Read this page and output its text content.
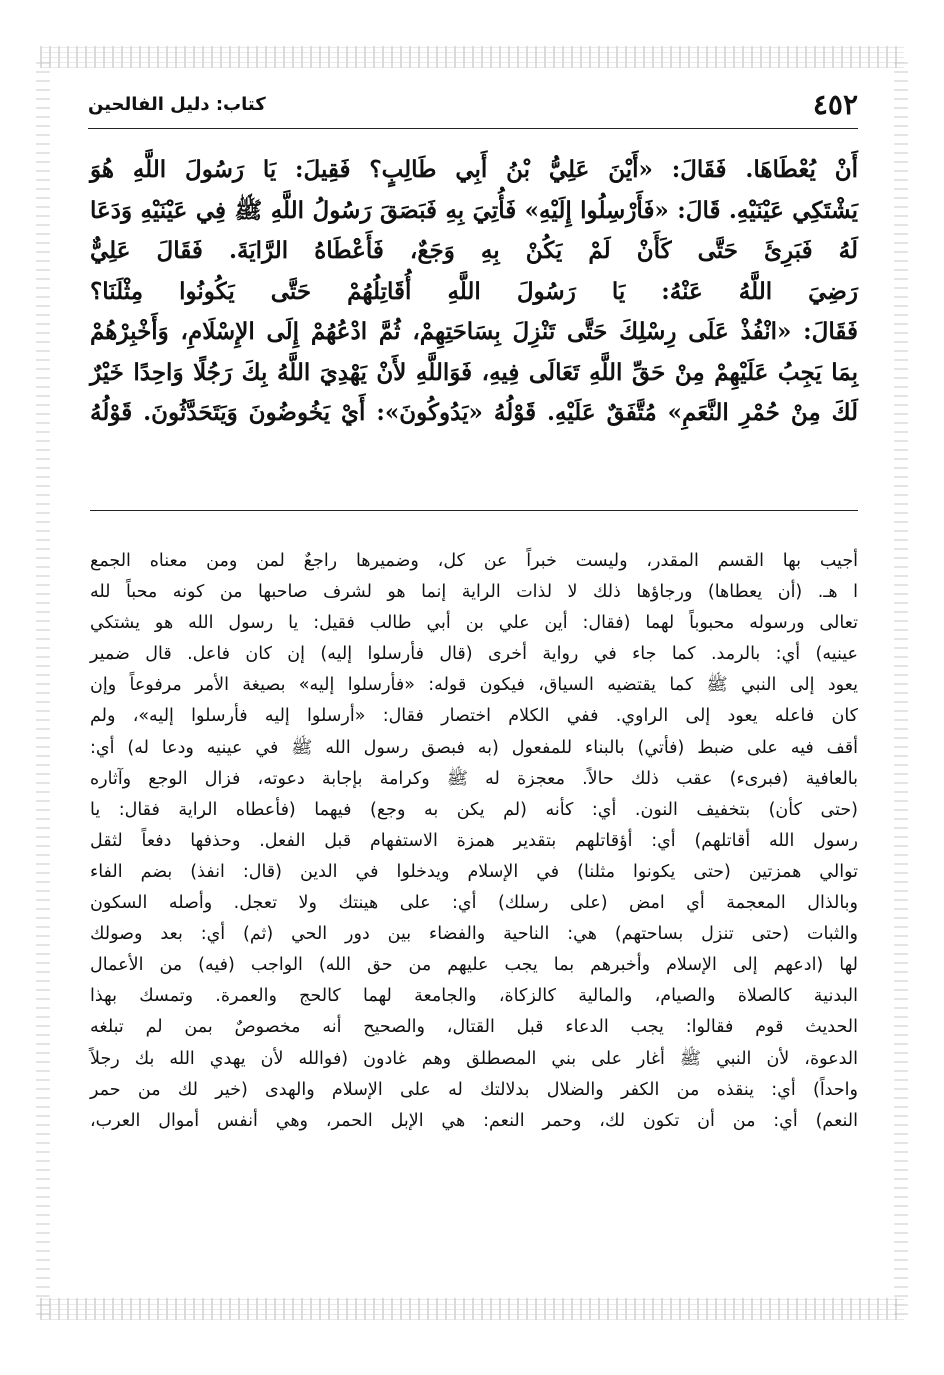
٤٥٢
كتاب: دليل الفالحين

أَنْ يُعْطَاهَا. فَقَالَ: «أَيْنَ عَلِيُّ بْنُ أَبِي طَالِبٍ؟ فَقِيلَ: يَا رَسُولَ اللَّهِ هُوَ

يَشْتَكِي عَيْنَيْهِ. قَالَ: «فَأَرْسِلُوا إِلَيْهِ» فَأُتِيَ بِهِ فَبَصَقَ رَسُولُ اللَّهِ ﷺ فِي عَيْنَيْهِ وَدَعَا

لَهُ فَبَرِئَ حَتَّى كَأَنْ لَمْ يَكُنْ بِهِ وَجَعٌ، فَأَعْطَاهُ الرَّايَةَ. فَقَالَ عَلِيٌّ

رَضِيَ اللَّهُ عَنْهُ: يَا رَسُولَ اللَّهِ أُقَاتِلُهُمْ حَتَّى يَكُونُوا مِثْلَنَا؟

فَقَالَ: «انْفُذْ عَلَى رِسْلِكَ حَتَّى تَنْزِلَ بِسَاحَتِهِمْ، ثُمَّ ادْعُهُمْ إِلَى الإِسْلَامِ، وَأَخْبِرْهُمْ

بِمَا يَجِبُ عَلَيْهِمْ مِنْ حَقِّ اللَّهِ تَعَالَى فِيهِ، فَوَاللَّهِ لأَنْ يَهْدِيَ اللَّهُ بِكَ رَجُلًا وَاحِدًا خَيْرٌ

لَكَ مِنْ حُمْرِ النَّعَمِ» مُتَّفَقٌ عَلَيْهِ. قَوْلُهُ «يَدُوكُونَ»: أَيْ يَخُوضُونَ وَيَتَحَدَّثُونَ. قَوْلُهُ

أجيب بها القسم المقدر، وليست خبراً عن كل، وضميرها راجعٌ لمن ومن معناه الجمع

ا هـ. (أن يعطاها) ورجاؤها ذلك لا لذات الراية إنما هو لشرف صاحبها من كونه محباً لله

تعالى ورسوله محبوباً لهما (فقال: أين علي بن أبي طالب فقيل: يا رسول الله هو يشتكي

عينيه) أي: بالرمد. كما جاء في رواية أخرى (قال فأرسلوا إليه) إن كان فاعل. قال ضمير

يعود إلى النبي ﷺ كما يقتضيه السياق، فيكون قوله: «فأرسلوا إليه» بصيغة الأمر مرفوعاً وإن

كان فاعله يعود إلى الراوي. ففي الكلام اختصار فقال: «أرسلوا إليه فأرسلوا إليه»، ولم

أقف فيه على ضبط (فأتي) بالبناء للمفعول (به فبصق رسول الله ﷺ في عينيه ودعا له) أي:

بالعافية (فبرىء) عقب ذلك حالاً. معجزة له ﷺ وكرامة بإجابة دعوته، فزال الوجع وآثاره

(حتى كأن) بتخفيف النون. أي: كأنه (لم يكن به وجع) فيهما (فأعطاه الراية فقال: يا

رسول الله أقاتلهم) أي: أؤقاتلهم بتقدير همزة الاستفهام قبل الفعل. وحذفها دفعاً لثقل

توالي همزتين (حتى يكونوا مثلنا) في الإسلام ويدخلوا في الدين (قال: انفذ) بضم الفاء

وبالذال المعجمة أي امض (على رسلك) أي: على هينتك ولا تعجل. وأصله السكون

والثبات (حتى تنزل بساحتهم) هي: الناحية والفضاء بين دور الحي (ثم) أي: بعد وصولك

لها (ادعهم إلى الإسلام وأخبرهم بما يجب عليهم من حق الله) الواجب (فيه) من الأعمال

البدنية كالصلاة والصيام، والمالية كالزكاة، والجامعة لهما كالحج والعمرة. وتمسك بهذا

الحديث قوم فقالوا: يجب الدعاء قبل القتال، والصحيح أنه مخصوصٌ بمن لم تبلغه

الدعوة، لأن النبي ﷺ أغار على بني المصطلق وهم غادون (فوالله لأن يهدي الله بك رجلاً

واحداً) أي: ينقذه من الكفر والضلال بدلالتك له على الإسلام والهدى (خير لك من حمر

النعم) أي: من أن تكون لك، وحمر النعم: هي الإبل الحمر، وهي أنفس أموال العرب،
